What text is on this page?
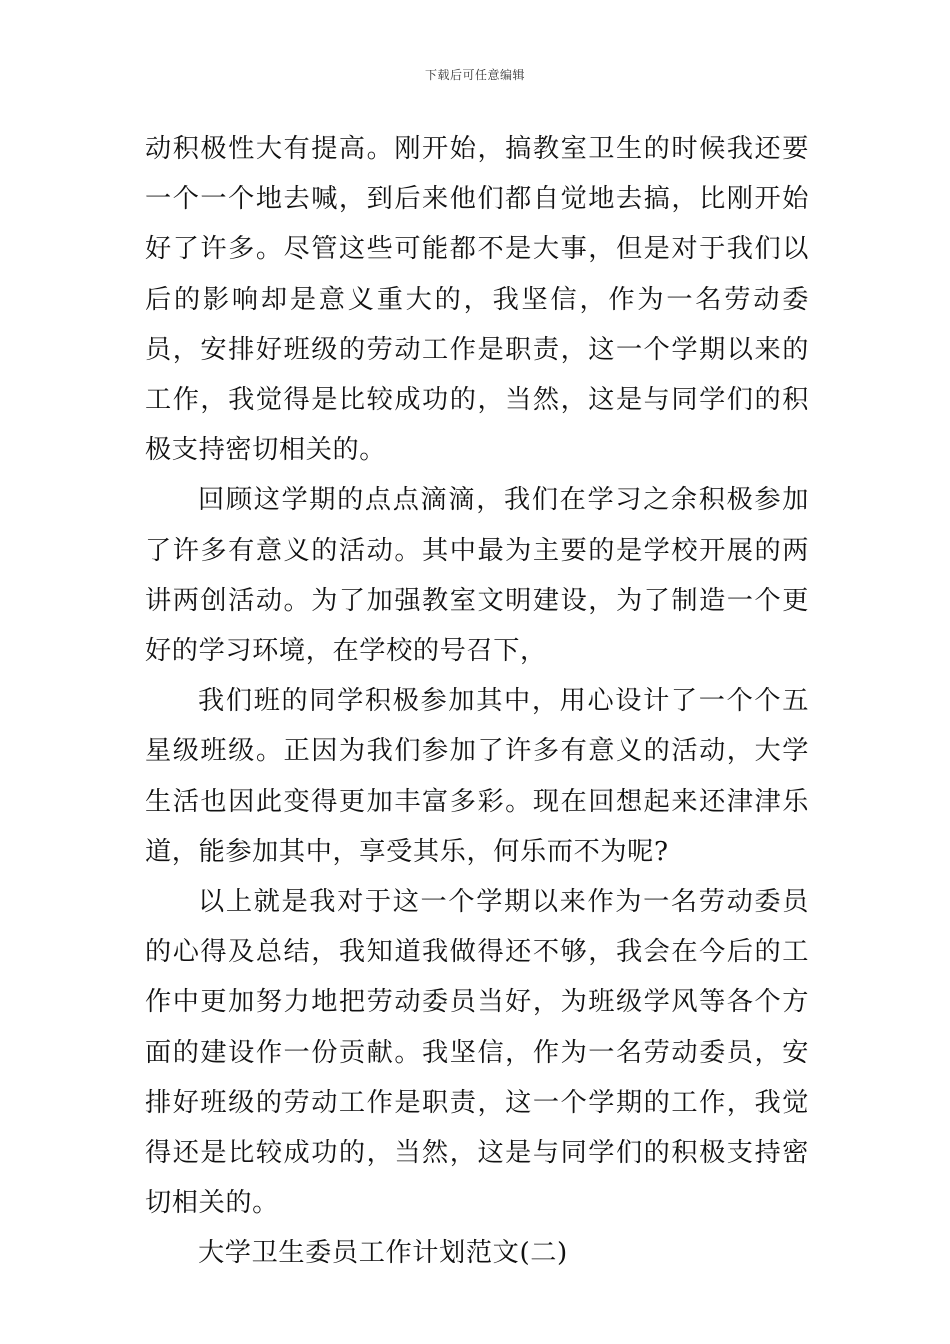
下载后可任意编辑

动积极性大有提高。刚开始，搞教室卫生的时候我还要一个一个地去喊，到后来他们都自觉地去搞，比刚开始好了许多。尽管这些可能都不是大事，但是对于我们以后的影响却是意义重大的，我坚信，作为一名劳动委员，安排好班级的劳动工作是职责，这一个学期以来的工作，我觉得是比较成功的，当然，这是与同学们的积极支持密切相关的。

回顾这学期的点点滴滴，我们在学习之余积极参加了许多有意义的活动。其中最为主要的是学校开展的两讲两创活动。为了加强教室文明建设，为了制造一个更好的学习环境，在学校的号召下，

我们班的同学积极参加其中，用心设计了一个个五星级班级。正因为我们参加了许多有意义的活动，大学生活也因此变得更加丰富多彩。现在回想起来还津津乐道，能参加其中，享受其乐，何乐而不为呢?

以上就是我对于这一个学期以来作为一名劳动委员的心得及总结，我知道我做得还不够，我会在今后的工作中更加努力地把劳动委员当好，为班级学风等各个方面的建设作一份贡献。我坚信，作为一名劳动委员，安排好班级的劳动工作是职责，这一个学期的工作，我觉得还是比较成功的，当然，这是与同学们的积极支持密切相关的。

大学卫生委员工作计划范文(二)
